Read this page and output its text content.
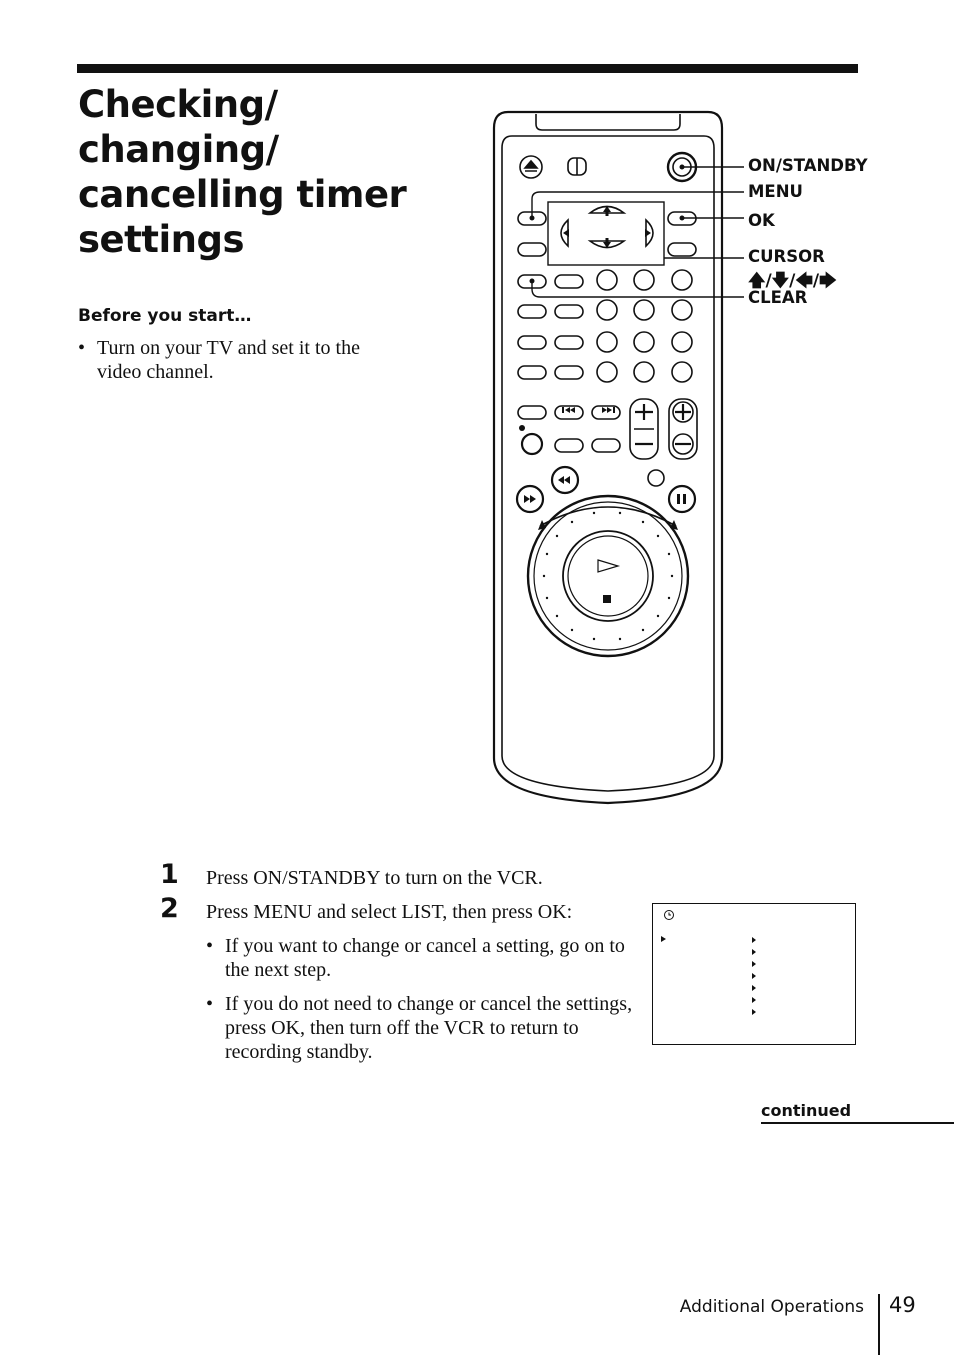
Checking/
changing/
cancelling timer
settings

Before you start…

• Turn on your TV and set it to the video channel.

ON/STANDBY

MENU

OK

CURSOR

🡅/🡇/🡄/🡆

CLEAR

1 Press ON/STANDBY to turn on the VCR.
2 Press MENU and select LIST, then press OK:
• If you want to change or cancel a setting, go on to the next step.
• If you do not need to change or cancel the settings, press OK, then turn off the VCR to return to recording standby.

continued

Additional Operations 49
